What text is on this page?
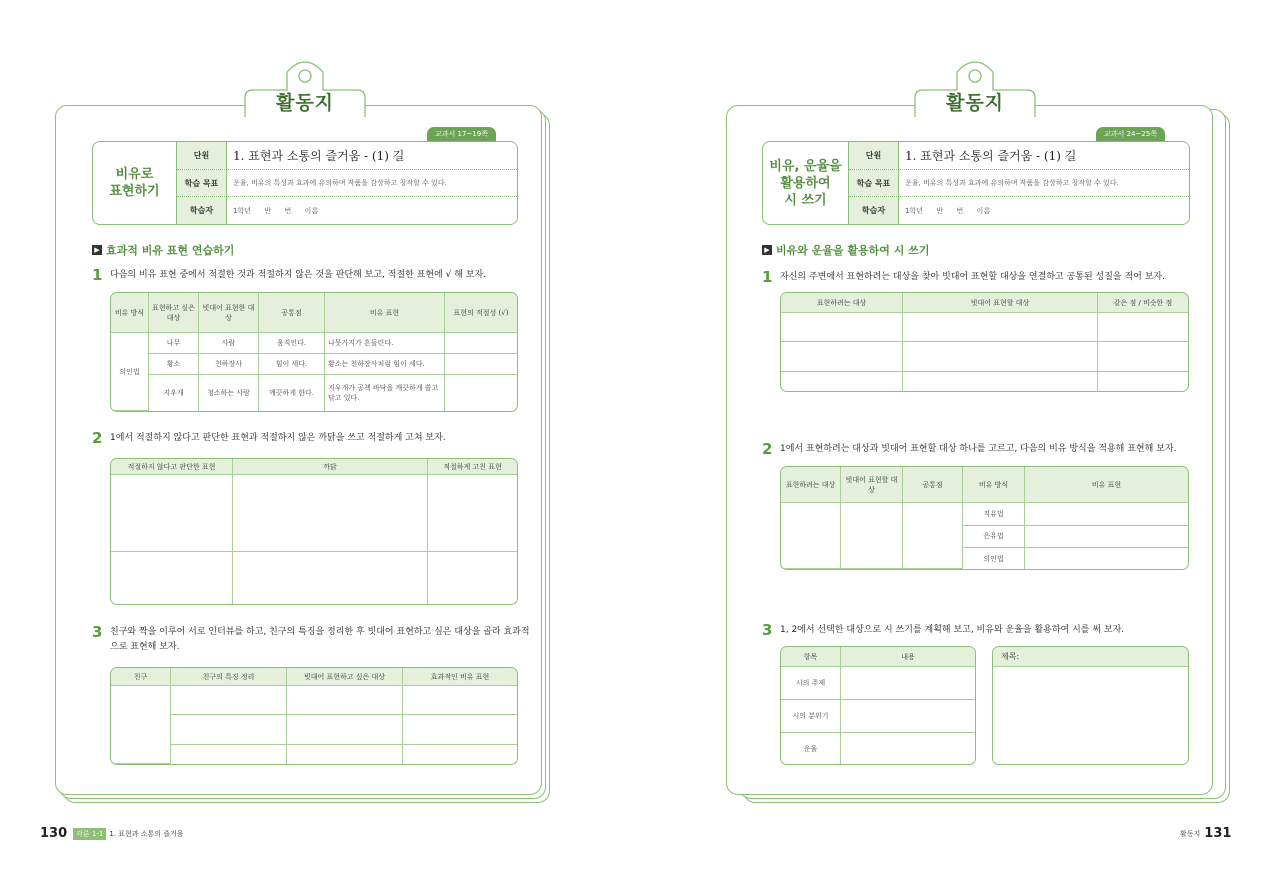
활동지
교과서 17~19쪽
비유로
표현하기
단원	1. 표현과 소통의 즐거움 - (1) 길
학습 목표	운율, 비유의 특성과 효과에 유의하며 작품을 감상하고 창작할 수 있다.
학습자	1학년      반      번      이름
▶ 효과적 비유 표현 연습하기
1 다음의 비유 표현 중에서 적절한 것과 적절하지 않은 것을 판단해 보고, 적절한 표현에 √ 해 보자.
비유 방식	표현하고 싶은 대상	빗대어 표현한 대상	공통점	비유 표현	표현의 적절성 (√)
의인법	나무	사람	움직인다.	나뭇가지가 흔들린다.	
	황소	천하장사	힘이 세다.	황소는 천하장사처럼 힘이 세다.	
	지우개	청소하는 사람	깨끗하게 한다.	지우개가 공책 바닥을 깨끗하게 쓸고 닦고 있다.	
2 1에서 적절하지 않다고 판단한 표현과 적절하지 않은 까닭을 쓰고 적절하게 고쳐 보자.
적절하지 않다고 판단한 표현	까닭	적절하게 고친 표현

3 친구와 짝을 이루어 서로 인터뷰를 하고, 친구의 특징을 정리한 후 빗대어 표현하고 싶은 대상을 골라 효과적으로 표현해 보자.
친구	친구의 특징 정리	빗대어 표현하고 싶은 대상	효과적인 비유 표현

130	각론 1-1 1. 표현과 소통의 즐거움
활동지
교과서 24~25쪽
비유, 운율을
활용하여
시 쓰기
단원	1. 표현과 소통의 즐거움 - (1) 길
학습 목표	운율, 비유의 특성과 효과에 유의하며 작품을 감상하고 창작할 수 있다.
학습자	1학년      반      번      이름
▶ 비유와 운율을 활용하여 시 쓰기
1 자신의 주변에서 표현하려는 대상을 찾아 빗대어 표현할 대상을 연결하고 공통된 성질을 적어 보자.
표현하려는 대상	빗대어 표현할 대상	같은 점 / 비슷한 점

2 1에서 표현하려는 대상과 빗대어 표현할 대상 하나를 고르고, 다음의 비유 방식을 적용해 표현해 보자.
표현하려는 대상	빗대어 표현할 대상	공통점	비유 방식	비유 표현
			직유법	
			은유법	
			의인법	
3 1, 2에서 선택한 대상으로 시 쓰기를 계획해 보고, 비유와 운율을 활용하여 시를 써 보자.
항목	내용
시의 주제	
시의 분위기	
운율	
제목:
활동지 131
